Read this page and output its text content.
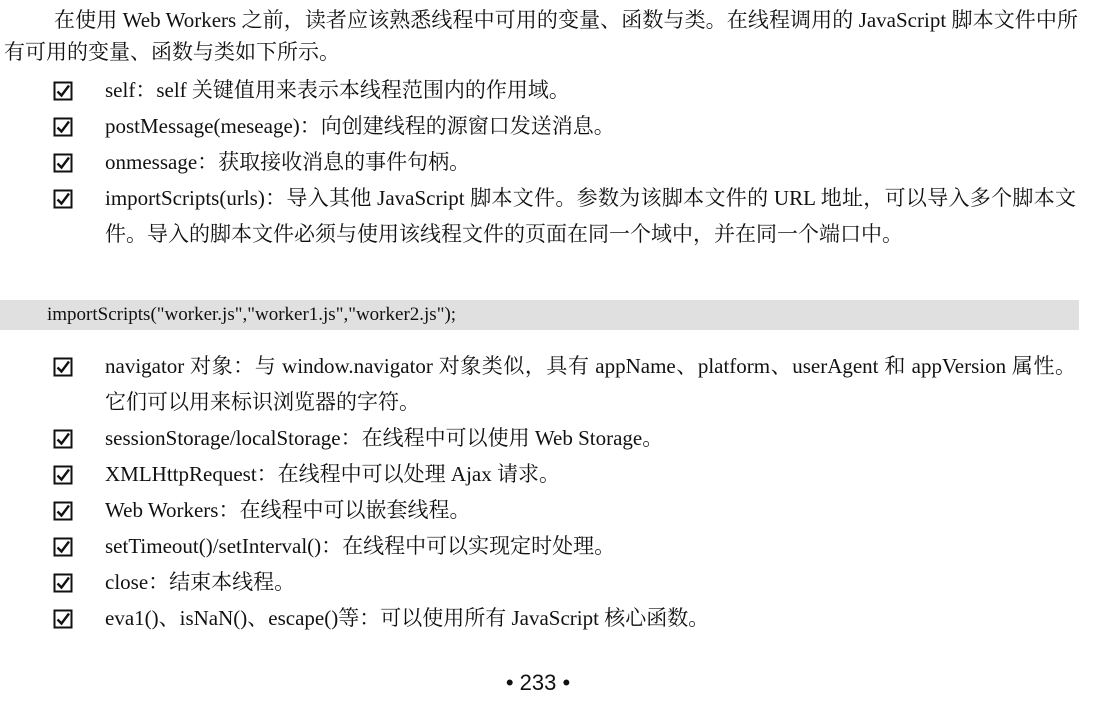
在使用 Web Workers 之前，读者应该熟悉线程中可用的变量、函数与类。在线程调用的 JavaScript 脚本文件中所有可用的变量、函数与类如下所示。

self：self 关键值用来表示本线程范围内的作用域。
postMessage(meseage)：向创建线程的源窗口发送消息。
onmessage：获取接收消息的事件句柄。
importScripts(urls)：导入其他 JavaScript 脚本文件。参数为该脚本文件的 URL 地址，可以导入多个脚本文件。导入的脚本文件必须与使用该线程文件的页面在同一个域中，并在同一个端口中。
importScripts("worker.js","worker1.js","worker2.js");
navigator 对象：与 window.navigator 对象类似，具有 appName、platform、userAgent 和 appVersion 属性。它们可以用来标识浏览器的字符。
sessionStorage/localStorage：在线程中可以使用 Web Storage。
XMLHttpRequest：在线程中可以处理 Ajax 请求。
Web Workers：在线程中可以嵌套线程。
setTimeout()/setInterval()：在线程中可以实现定时处理。
close：结束本线程。
eva1()、isNaN()、escape()等：可以使用所有 JavaScript 核心函数。
• 233 •
